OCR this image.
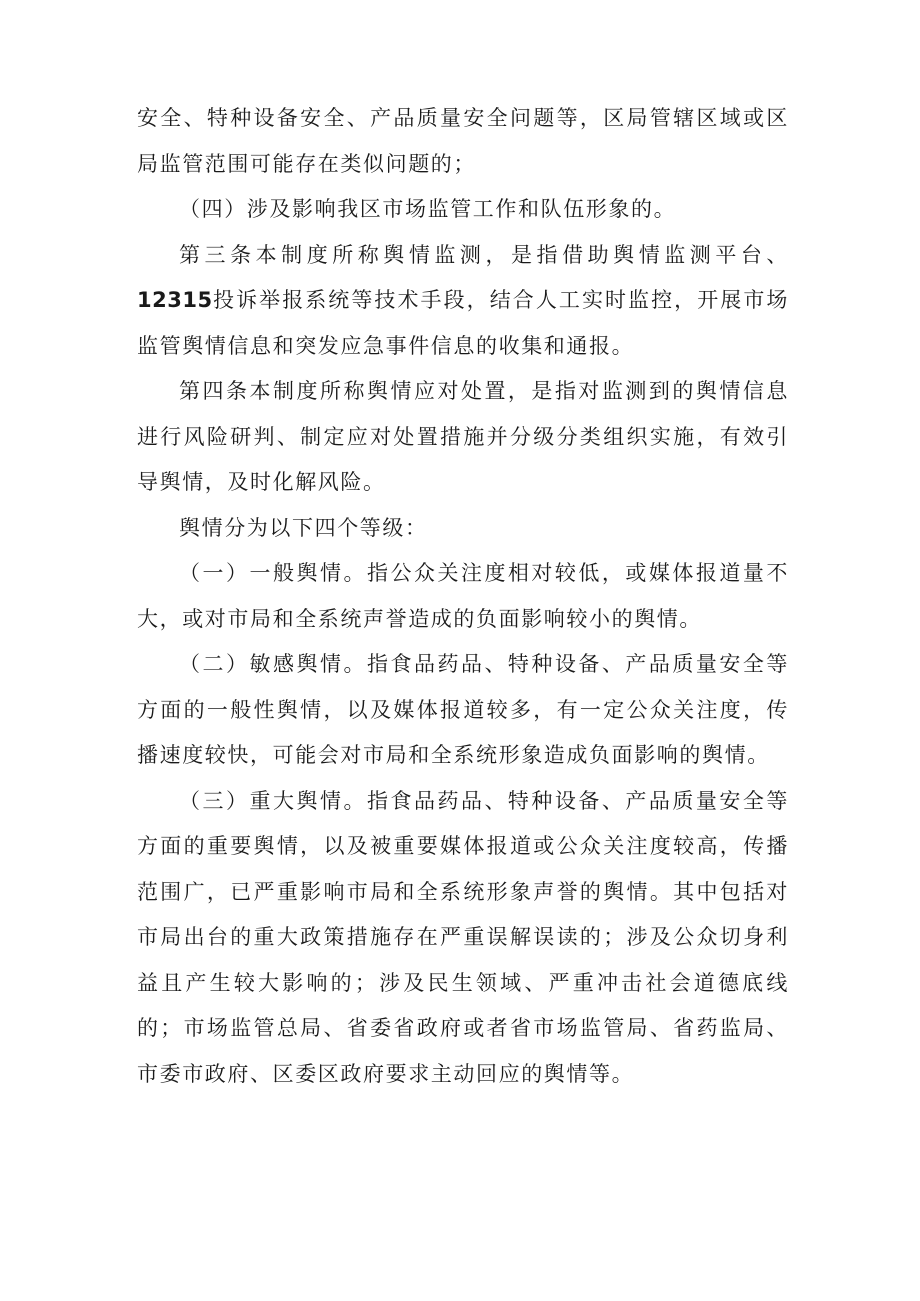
安全、特种设备安全、产品质量安全问题等，区局管辖区域或区局监管范围可能存在类似问题的；

（四）涉及影响我区市场监管工作和队伍形象的。

第三条本制度所称舆情监测，是指借助舆情监测平台、12315投诉举报系统等技术手段，结合人工实时监控，开展市场监管舆情信息和突发应急事件信息的收集和通报。

第四条本制度所称舆情应对处置，是指对监测到的舆情信息进行风险研判、制定应对处置措施并分级分类组织实施，有效引导舆情，及时化解风险。

舆情分为以下四个等级：

（一）一般舆情。指公众关注度相对较低，或媒体报道量不大，或对市局和全系统声誉造成的负面影响较小的舆情。

（二）敏感舆情。指食品药品、特种设备、产品质量安全等方面的一般性舆情，以及媒体报道较多，有一定公众关注度，传播速度较快，可能会对市局和全系统形象造成负面影响的舆情。

（三）重大舆情。指食品药品、特种设备、产品质量安全等方面的重要舆情，以及被重要媒体报道或公众关注度较高，传播范围广，已严重影响市局和全系统形象声誉的舆情。其中包括对市局出台的重大政策措施存在严重误解误读的；涉及公众切身利益且产生较大影响的；涉及民生领域、严重冲击社会道德底线的；市场监管总局、省委省政府或者省市场监管局、省药监局、市委市政府、区委区政府要求主动回应的舆情等。
